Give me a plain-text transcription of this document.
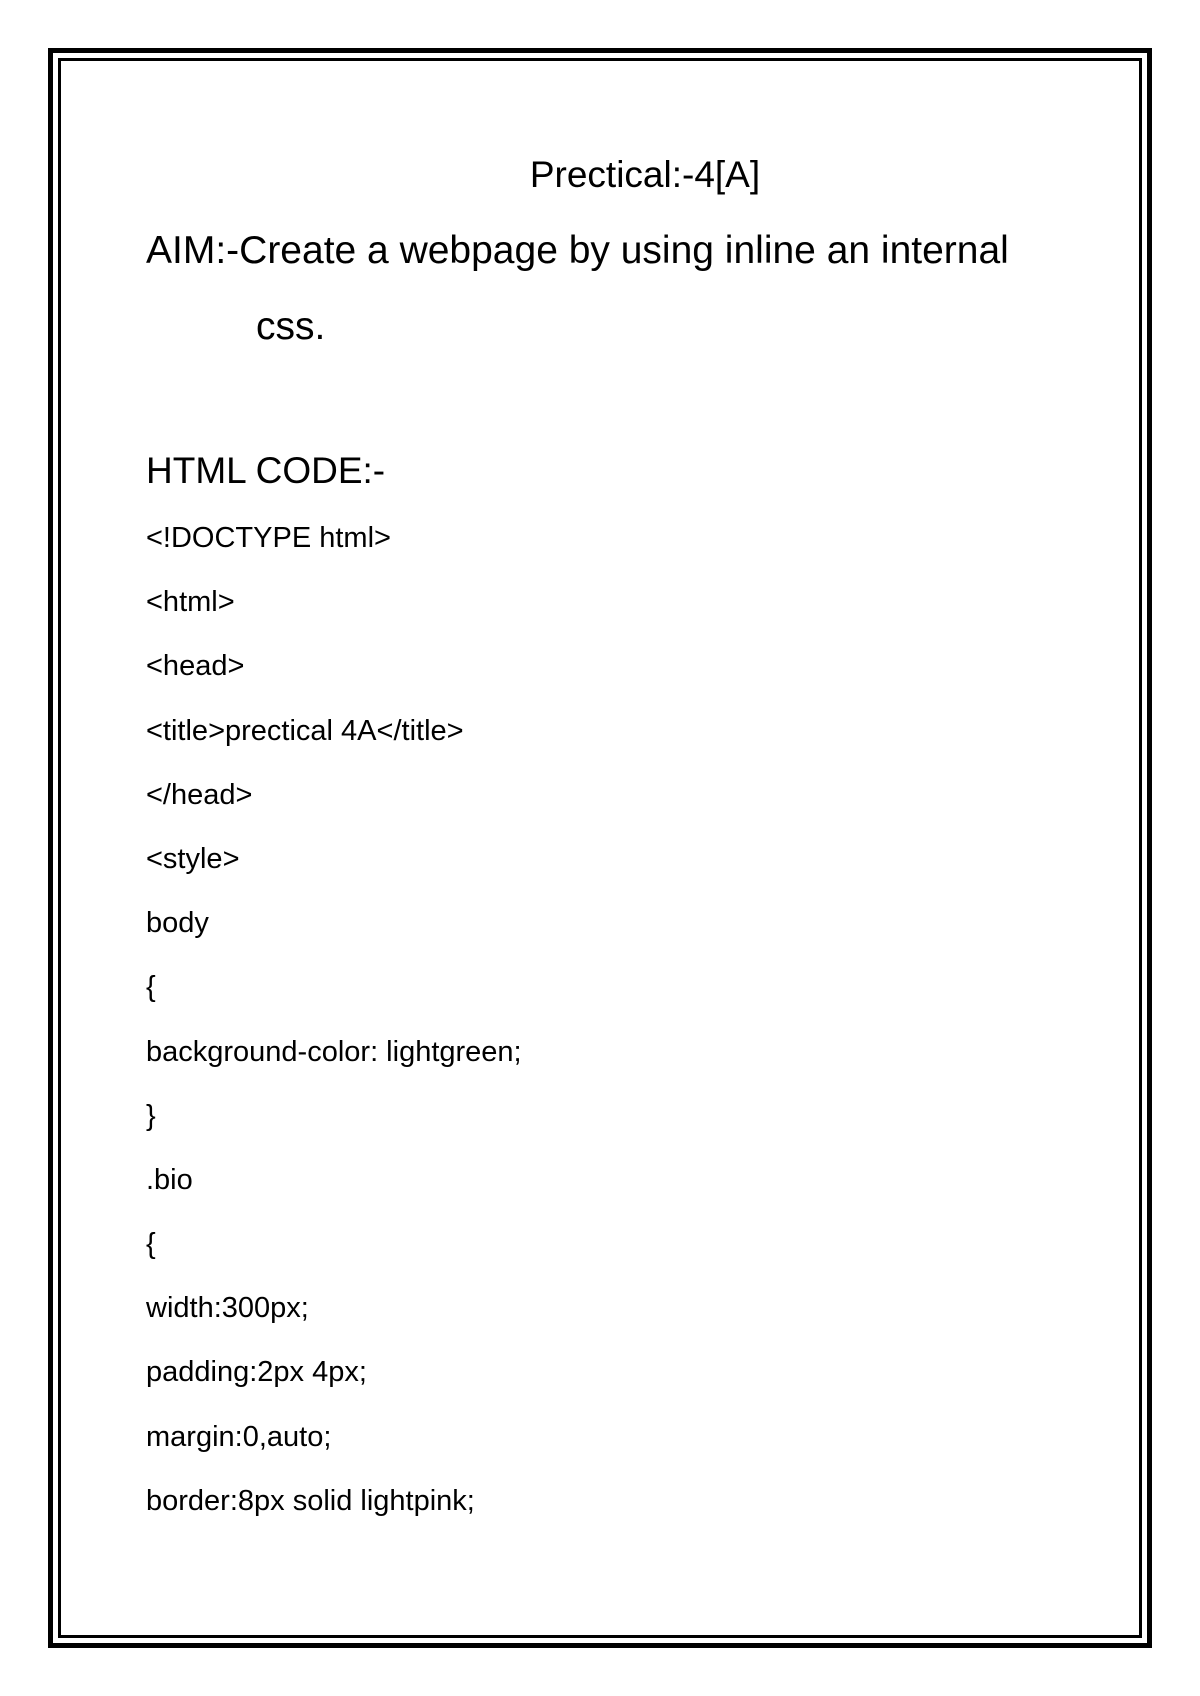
Prectical:-4[A]
AIM:-Create a webpage by using inline an internal
css.
HTML CODE:-
<!DOCTYPE html>
<html>
<head>
<title>prectical 4A</title>
</head>
<style>
body
{
background-color: lightgreen;
}
.bio
{
width:300px;
padding:2px 4px;
margin:0,auto;
border:8px solid lightpink;
